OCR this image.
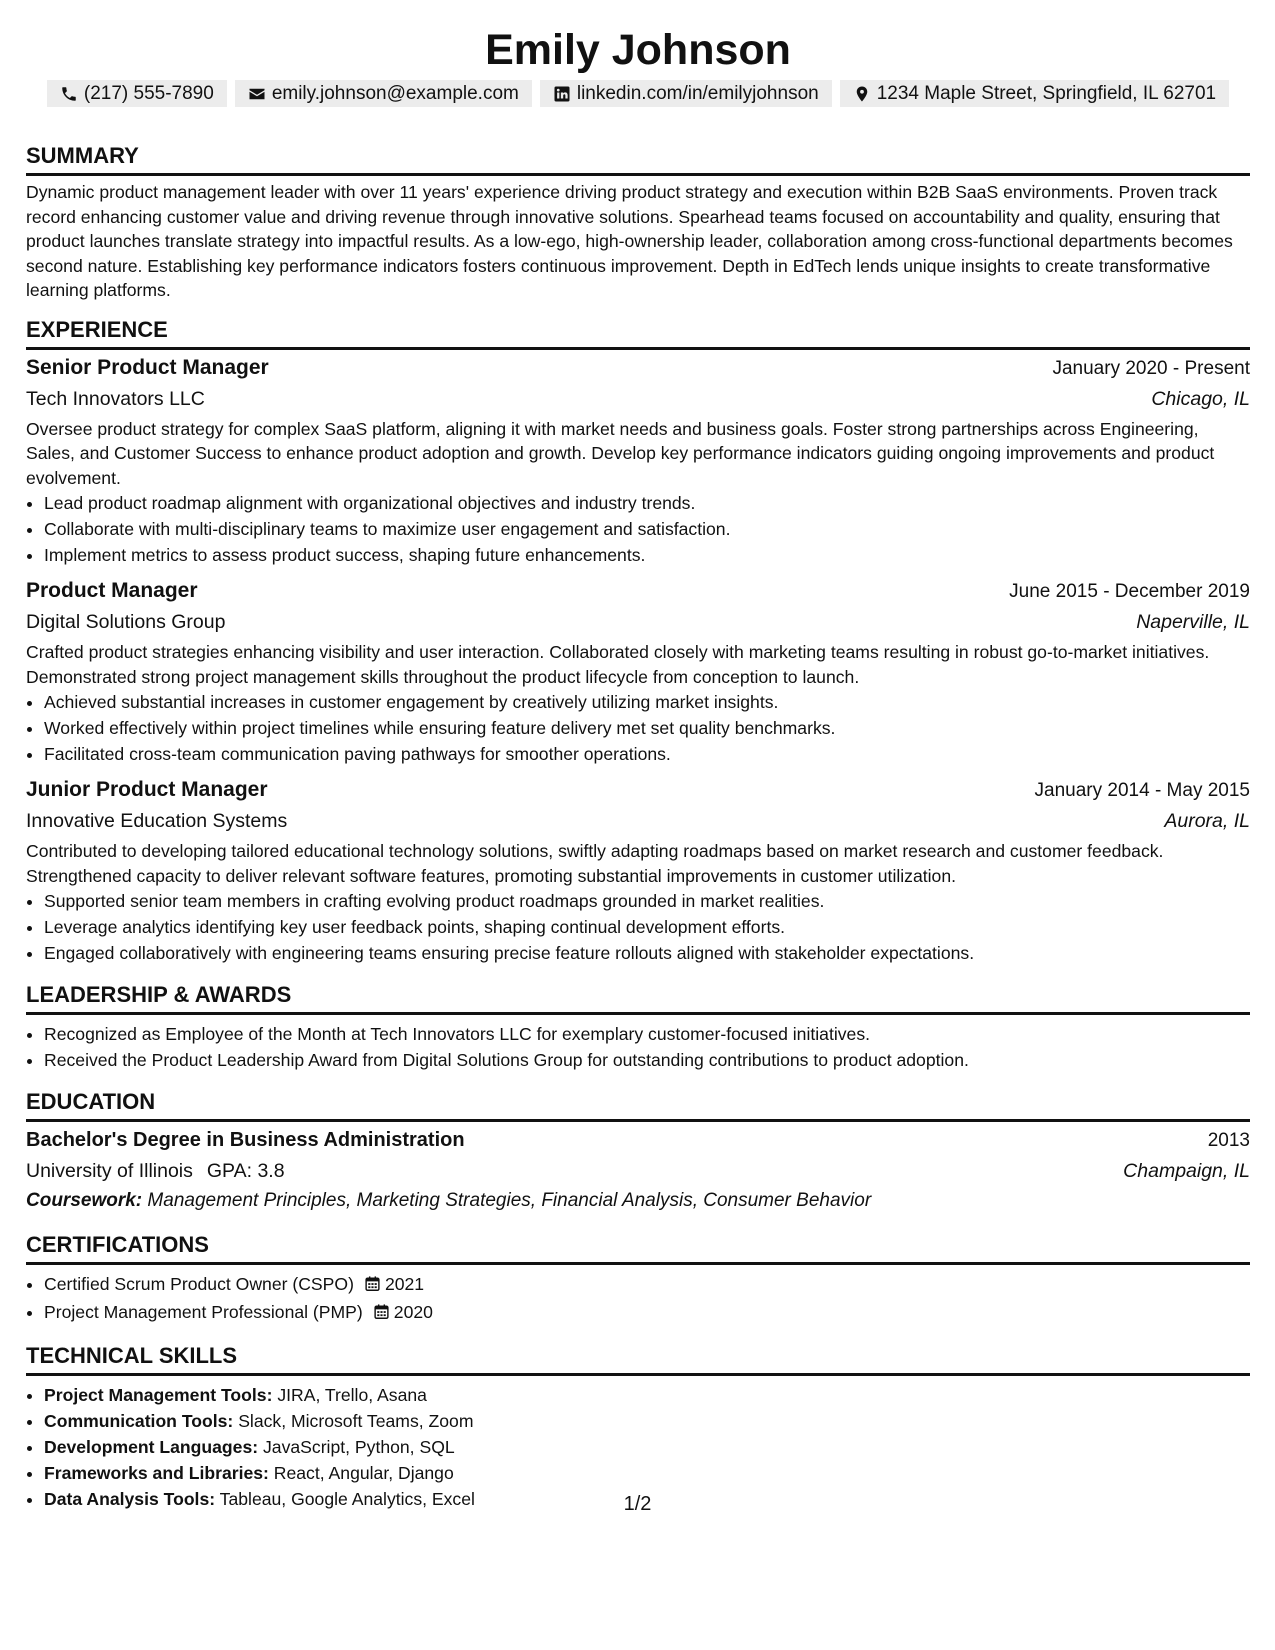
Emily Johnson
(217) 555-7890	emily.johnson@example.com	linkedin.com/in/emilyjohnson	1234 Maple Street, Springfield, IL 62701
SUMMARY

Dynamic product management leader with over 11 years' experience driving product strategy and execution within B2B SaaS environments. Proven track record enhancing customer value and driving revenue through innovative solutions. Spearhead teams focused on accountability and quality, ensuring that product launches translate strategy into impactful results. As a low-ego, high-ownership leader, collaboration among cross-functional departments becomes second nature. Establishing key performance indicators fosters continuous improvement. Depth in EdTech lends unique insights to create transformative learning platforms.

EXPERIENCE
Senior Product Manager	January 2020 - Present
Tech Innovators LLC	Chicago, IL

Oversee product strategy for complex SaaS platform, aligning it with market needs and business goals. Foster strong partnerships across Engineering, Sales, and Customer Success to enhance product adoption and growth. Develop key performance indicators guiding ongoing improvements and product evolvement.

• Lead product roadmap alignment with organizational objectives and industry trends.
• Collaborate with multi-disciplinary teams to maximize user engagement and satisfaction.
• Implement metrics to assess product success, shaping future enhancements.
Product Manager	June 2015 - December 2019
Digital Solutions Group	Naperville, IL

Crafted product strategies enhancing visibility and user interaction. Collaborated closely with marketing teams resulting in robust go-to-market initiatives. Demonstrated strong project management skills throughout the product lifecycle from conception to launch.

• Achieved substantial increases in customer engagement by creatively utilizing market insights.
• Worked effectively within project timelines while ensuring feature delivery met set quality benchmarks.
• Facilitated cross-team communication paving pathways for smoother operations.
Junior Product Manager	January 2014 - May 2015
Innovative Education Systems	Aurora, IL

Contributed to developing tailored educational technology solutions, swiftly adapting roadmaps based on market research and customer feedback. Strengthened capacity to deliver relevant software features, promoting substantial improvements in customer utilization.

• Supported senior team members in crafting evolving product roadmaps grounded in market realities.
• Leverage analytics identifying key user feedback points, shaping continual development efforts.
• Engaged collaboratively with engineering teams ensuring precise feature rollouts aligned with stakeholder expectations.
LEADERSHIP & AWARDS
• Recognized as Employee of the Month at Tech Innovators LLC for exemplary customer-focused initiatives.
• Received the Product Leadership Award from Digital Solutions Group for outstanding contributions to product adoption.
EDUCATION
Bachelor's Degree in Business Administration	2013
University of Illinois GPA: 3.8	Champaign, IL
Coursework: Management Principles, Marketing Strategies, Financial Analysis, Consumer Behavior
CERTIFICATIONS
• Certified Scrum Product Owner (CSPO) 2021
• Project Management Professional (PMP) 2020
TECHNICAL SKILLS
• Project Management Tools: JIRA, Trello, Asana
• Communication Tools: Slack, Microsoft Teams, Zoom
• Development Languages: JavaScript, Python, SQL
• Frameworks and Libraries: React, Angular, Django
• Data Analysis Tools: Tableau, Google Analytics, Excel	1/2
